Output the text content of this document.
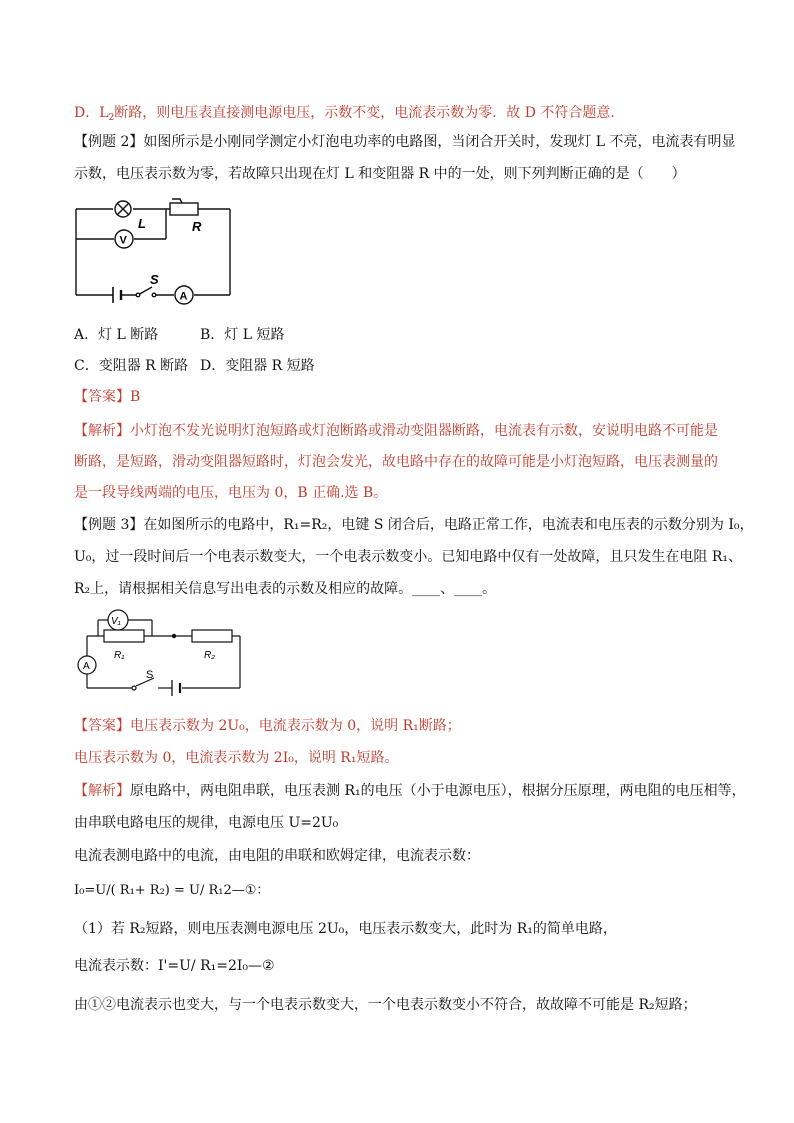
D．$L_2$断路，则电压表直接测电源电压，示数不变，电流表示数为零．故 D 不符合题意．
【例题 2】如图所示是小刚同学测定小灯泡电功率的电路图，当闭合开关时，发现灯 L 不亮，电流表有明显
示数，电压表示数为零，若故障只出现在灯 L 和变阻器 R 中的一处，则下列判断正确的是（　　）
L	R
S
V
A
A．灯 L 断路	B．灯 L 短路
C．变阻器 R 断路 D．变阻器 R 短路
【答案】B
【解析】小灯泡不发光说明灯泡短路或灯泡断路或滑动变阻器断路，电流表有示数，安说明电路不可能是
断路，是短路，滑动变阻器短路时，灯泡会发光，故电路中存在的故障可能是小灯泡短路，电压表测量的
是一段导线两端的电压，电压为 0，B 正确.选 B。
【例题 3】在如图所示的电路中，R₁=R₂，电键 S 闭合后，电路正常工作，电流表和电压表的示数分别为 I₀，
U₀，过一段时间后一个电表示数变大，一个电表示数变小。已知电路中仅有一处故障，且只发生在电阻 R₁、
R₂上，请根据相关信息写出电表的示数及相应的故障。____、____。
V₁
R₁	R₂
A
S
【答案】电压表示数为 2U₀，电流表示数为 0，说明 R₁断路；
电压表示数为 0，电流表示数为 2I₀，说明 R₁短路。
【解析】原电路中，两电阻串联，电压表测 R₁的电压（小于电源电压），根据分压原理，两电阻的电压相等，
由串联电路电压的规律，电源电压 U=2U₀
电流表测电路中的电流，由电阻的串联和欧姆定律，电流表示数：
I₀=U/( R₁+ R₂) = U/ R₁2—①：
（1）若 R₂短路，则电压表测电源电压 2U₀，电压表示数变大，此时为 R₁的简单电路，
电流表示数：I'=U/ R₁=2I₀—②
由①②电流表示也变大，与一个电表示数变大，一个电表示数变小不符合，故故障不可能是 R₂短路；
